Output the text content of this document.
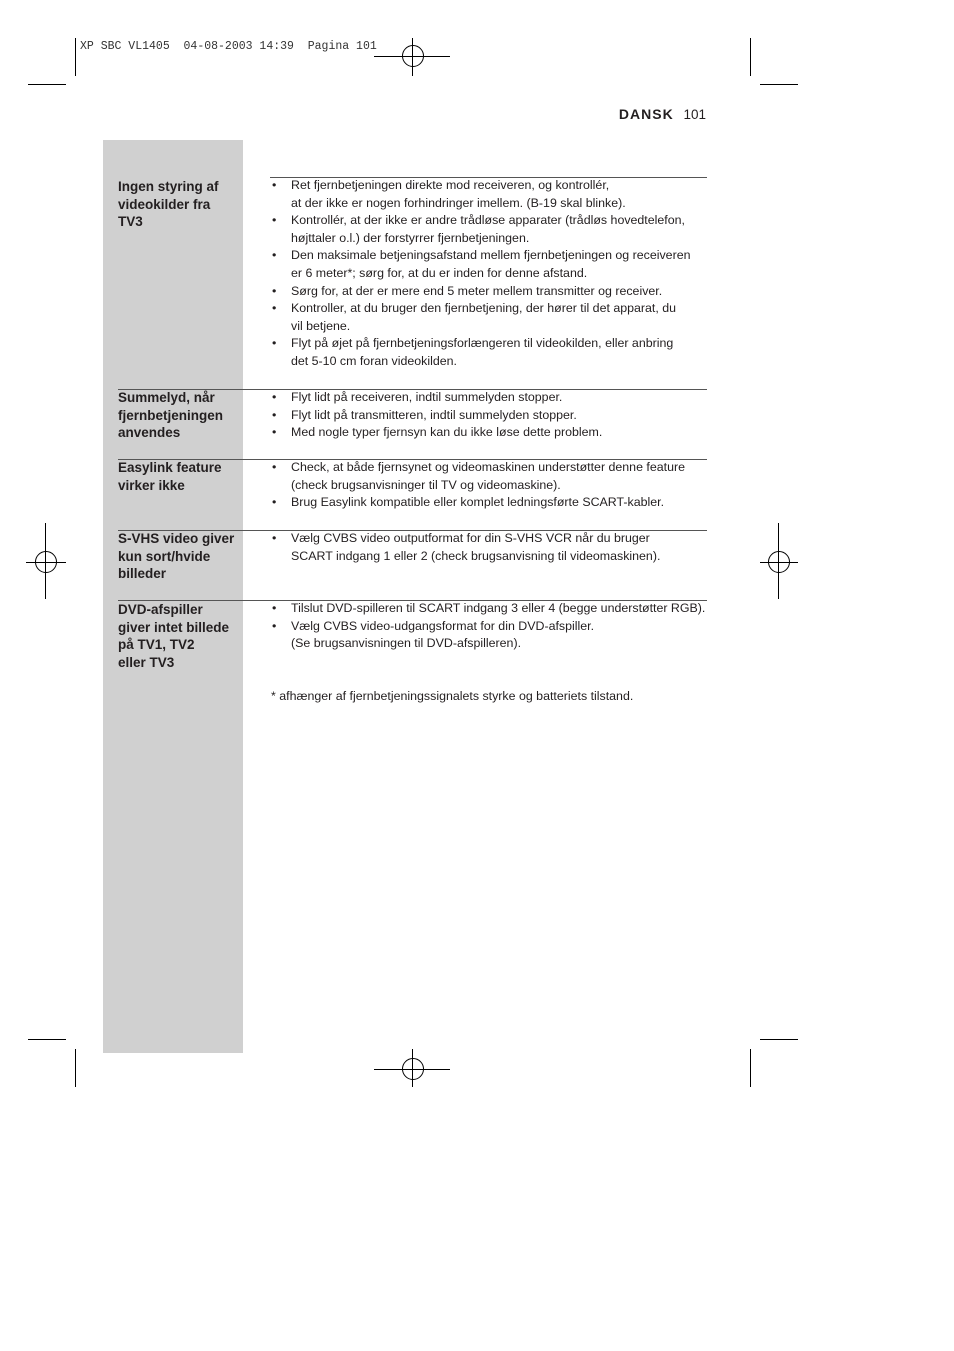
XP SBC VL1405  04-08-2003 14:39  Pagina 101
DANSK 101
Ingen styring af
videokilder fra
TV3
• Ret fjernbetjeningen direkte mod receiveren, og kontrollér,
at der ikke er nogen forhindringer imellem. (B-19 skal blinke).
• Kontrollér, at der ikke er andre trådløse apparater (trådløs hovedtelefon,
højttaler o.l.) der forstyrrer fjernbetjeningen.
• Den maksimale betjeningsafstand mellem fjernbetjeningen og receiveren
er 6 meter*; sørg for, at du er inden for denne afstand.
• Sørg for, at der er mere end 5 meter mellem transmitter og receiver.
• Kontroller, at du bruger den fjernbetjening, der hører til det apparat, du
vil betjene.
• Flyt på øjet på fjernbetjeningsforlængeren til videokilden, eller anbring
det 5-10 cm foran videokilden.
Summelyd, når
fjernbetjeningen
anvendes
• Flyt lidt på receiveren, indtil summelyden stopper.
• Flyt lidt på transmitteren, indtil summelyden stopper.
• Med nogle typer fjernsyn kan du ikke løse dette problem.
Easylink feature
virker ikke
• Check, at både fjernsynet og videomaskinen understøtter denne feature
(check brugsanvisninger til TV og videomaskine).
• Brug Easylink kompatible eller komplet ledningsførte SCART-kabler.
S-VHS video giver
kun sort/hvide
billeder
• Vælg CVBS video outputformat for din S-VHS VCR når du bruger
SCART indgang 1 eller 2 (check brugsanvisning til videomaskinen).
DVD-afspiller
giver intet billede
på TV1, TV2
eller TV3
• Tilslut DVD-spilleren til SCART indgang 3 eller 4 (begge understøtter RGB).
• Vælg CVBS video-udgangsformat for din DVD-afspiller.
(Se brugsanvisningen til DVD-afspilleren).
* afhænger af fjernbetjeningssignalets styrke og batteriets tilstand.
